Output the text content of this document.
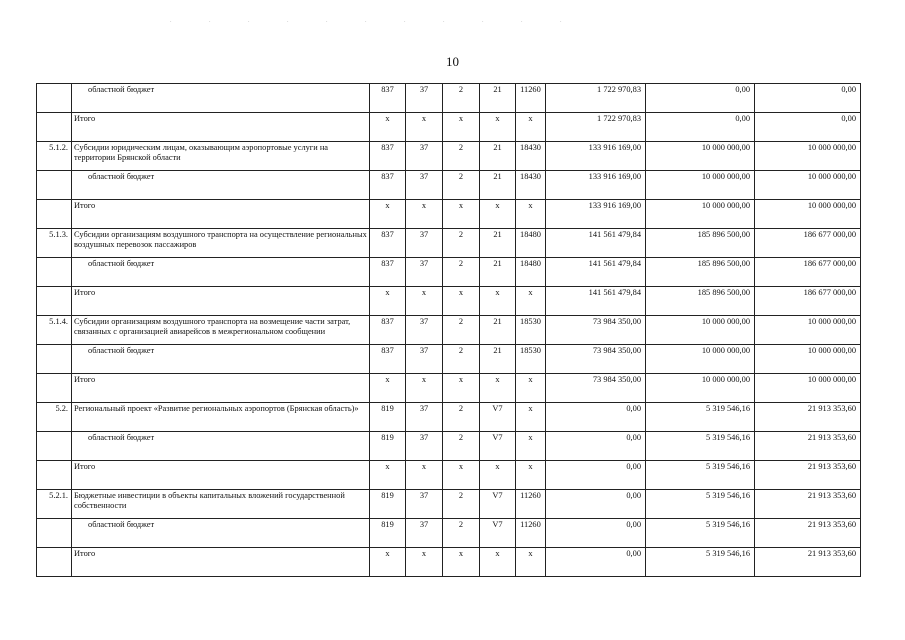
. . . . . . . . . . .
10
	областной бюджет	837	37	2	21	11260	1 722 970,83	0,00	0,00
	Итого	x	x	x	x	x	1 722 970,83	0,00	0,00
5.1.2.	Субсидии юридическим лицам, оказывающим аэропортовые услуги на территории Брянской области	837	37	2	21	18430	133 916 169,00	10 000 000,00	10 000 000,00
	областной бюджет	837	37	2	21	18430	133 916 169,00	10 000 000,00	10 000 000,00
	Итого	x	x	x	x	x	133 916 169,00	10 000 000,00	10 000 000,00
5.1.3.	Субсидии организациям воздушного транспорта на осуществление региональных воздушных перевозок пассажиров	837	37	2	21	18480	141 561 479,84	185 896 500,00	186 677 000,00
	областной бюджет	837	37	2	21	18480	141 561 479,84	185 896 500,00	186 677 000,00
	Итого	x	x	x	x	x	141 561 479,84	185 896 500,00	186 677 000,00
5.1.4.	Субсидии организациям воздушного транспорта на возмещение части затрат, связанных с организацией авиарейсов в межрегиональном сообщении	837	37	2	21	18530	73 984 350,00	10 000 000,00	10 000 000,00
	областной бюджет	837	37	2	21	18530	73 984 350,00	10 000 000,00	10 000 000,00
	Итого	x	x	x	x	x	73 984 350,00	10 000 000,00	10 000 000,00
5.2.	Региональный проект «Развитие региональных аэропортов (Брянская область)»	819	37	2	V7	x	0,00	5 319 546,16	21 913 353,60
	областной бюджет	819	37	2	V7	x	0,00	5 319 546,16	21 913 353,60
	Итого	x	x	x	x	x	0,00	5 319 546,16	21 913 353,60
5.2.1.	Бюджетные инвестиции в объекты капитальных вложений государственной собственности	819	37	2	V7	11260	0,00	5 319 546,16	21 913 353,60
	областной бюджет	819	37	2	V7	11260	0,00	5 319 546,16	21 913 353,60
	Итого	x	x	x	x	x	0,00	5 319 546,16	21 913 353,60
